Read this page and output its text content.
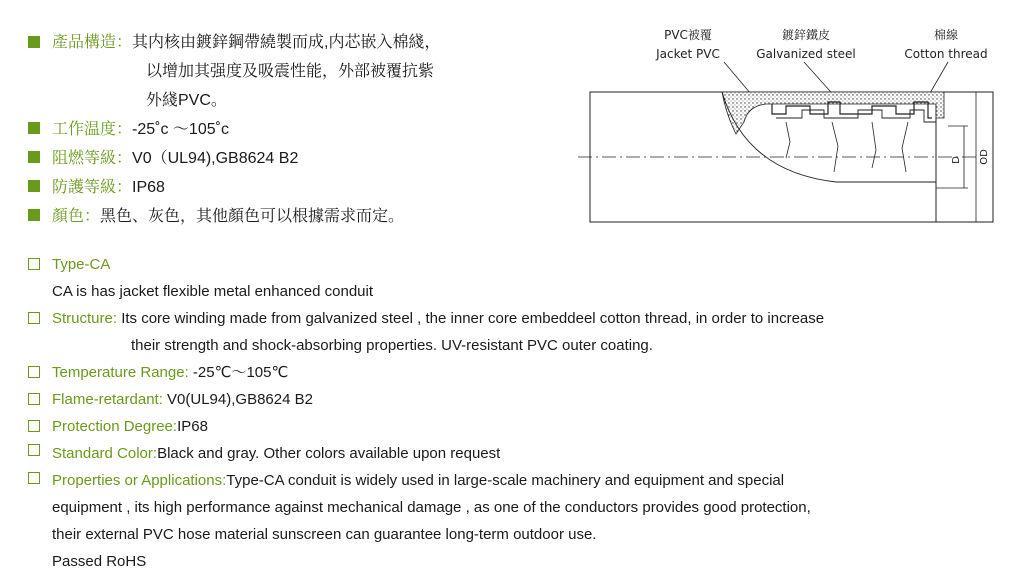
產品構造：其内核由鍍鋅鋼帶繞製而成,内芯嵌入棉綫，
以增加其强度及吸震性能，外部被覆抗紫
外綫PVC。
工作温度：-25˚c ～105˚c
阻燃等級：V0（UL94),GB8624 B2
防護等級：IP68
顏色：黑色、灰色，其他顏色可以根據需求而定。
PVC被覆
Jacket PVC
鍍鋅鐵皮
Galvanized steel
棉線
Cotton thread
D OD
Type-CA
CA is has jacket flexible metal enhanced conduit
Structure: Its core winding made from galvanized steel , the inner core embeddeel cotton thread, in order to increase
their strength and shock-absorbing properties. UV-resistant PVC outer coating.
Temperature Range: -25℃～105℃
Flame-retardant: V0(UL94),GB8624 B2
Protection Degree:IP68
Standard Color:Black and gray. Other colors available upon request
Properties or Applications:Type-CA conduit is widely used in large-scale machinery and equipment and special
equipment , its high performance against mechanical damage , as one of the conductors provides good protection,
their external PVC hose material sunscreen can guarantee long-term outdoor use.
Passed RoHS
